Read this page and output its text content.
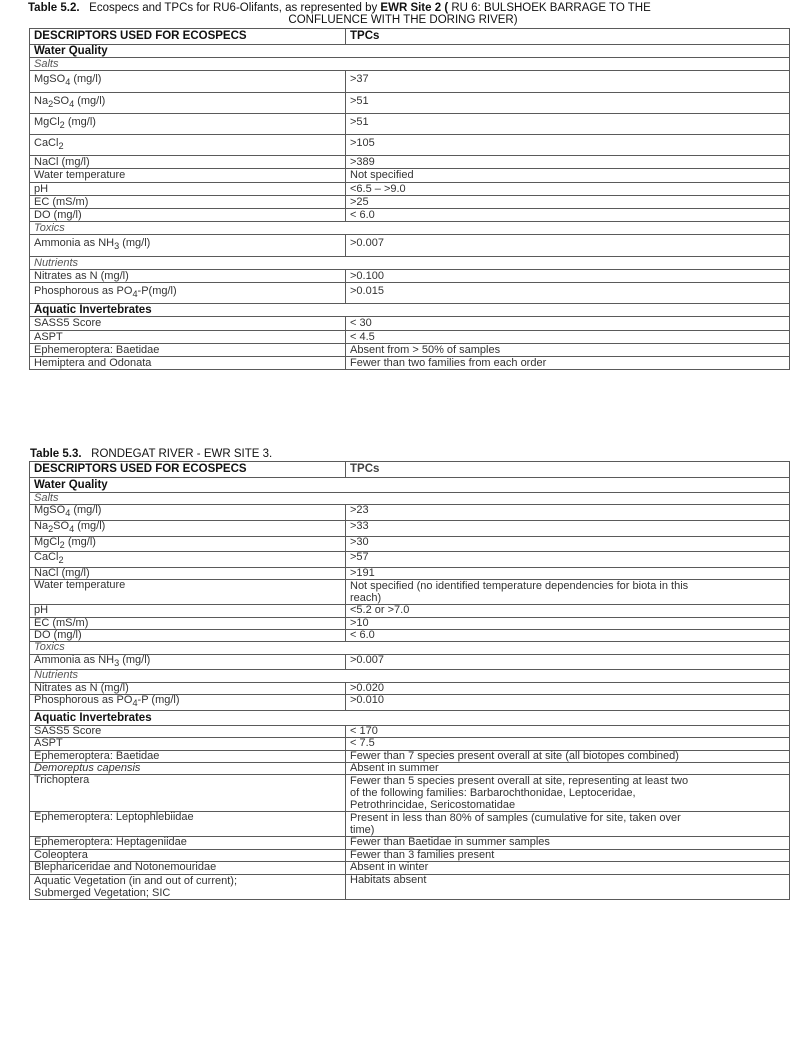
Table 5.2. Ecospecs and TPCs for RU6-Olifants, as represented by EWR Site 2 ( RU 6: BULSHOEK BARRAGE TO THE
CONFLUENCE WITH THE DORING RIVER)
DESCRIPTORS USED FOR ECOSPECS	TPCs
Water Quality	
Salts	
MgSO$_4$ (mg/l)	>37
$Na_2SO_4$ (mg/l)	>51
MgCl$_2$ (mg/l)	>51
CaCl$_2$	>105
NaCl (mg/l)	>389
Water temperature	Not specified
pH	<6.5 – >9.0
EC (mS/m)	>25
DO (mg/l)	< 6.0
Toxics	
Ammonia as $NH_3$ (mg/l)	>0.007
Nutrients	
Nitrates as N (mg/l)	>0.100
Phosphorous as $PO_4-P(mg/l)$	>0.015
Aquatic Invertebrates	
SASS5 Score	< 30
ASPT	< 4.5
Ephemeroptera: Baetidae	Absent from > 50% of samples
Hemiptera and Odonata	Fewer than two families from each order
Table 5.3. RONDEGAT RIVER - EWR SITE 3.
DESCRIPTORS USED FOR ECOSPECS	TPCs
Water Quality	
Salts	
MgSO$_4$ (mg/l)	>23
$Na_2SO_4$ (mg/l)	>33
MgCl$_2$ (mg/l)	>30
CaCl$_2$	>57
NaCl (mg/l)	>191
Water temperature	Not specified (no identified temperature dependencies for biota in this
reach)
pH	<5.2 or >7.0
EC (mS/m)	>10
DO (mg/l)	< 6.0
Toxics	
Ammonia as $NH_3$ (mg/l)	>0.007
Nutrients	
Nitrates as N (mg/l)	>0.020
Phosphorous as $PO_4-P$ (mg/l)	>0.010
Aquatic Invertebrates	
SASS5 Score	< 170
ASPT	< 7.5
Ephemeroptera: Baetidae	Fewer than 7 species present overall at site (all biotopes combined)
Demoreptus capensis	Absent in summer
Trichoptera	Fewer than 5 species present overall at site, representing at least two
of the following families: Barbarochthonidae, Leptoceridae,
Petrothrincidae, Sericostomatidae
Ephemeroptera: Leptophlebiidae	Present in less than 80% of samples (cumulative for site, taken over
time)
Ephemeroptera: Heptageniidae	Fewer than Baetidae in summer samples
Coleoptera	Fewer than 3 families present
Blephariceridae and Notonemouridae	Absent in winter
Aquatic Vegetation (in and out of current);
Submerged Vegetation; SIC	Habitats absent
